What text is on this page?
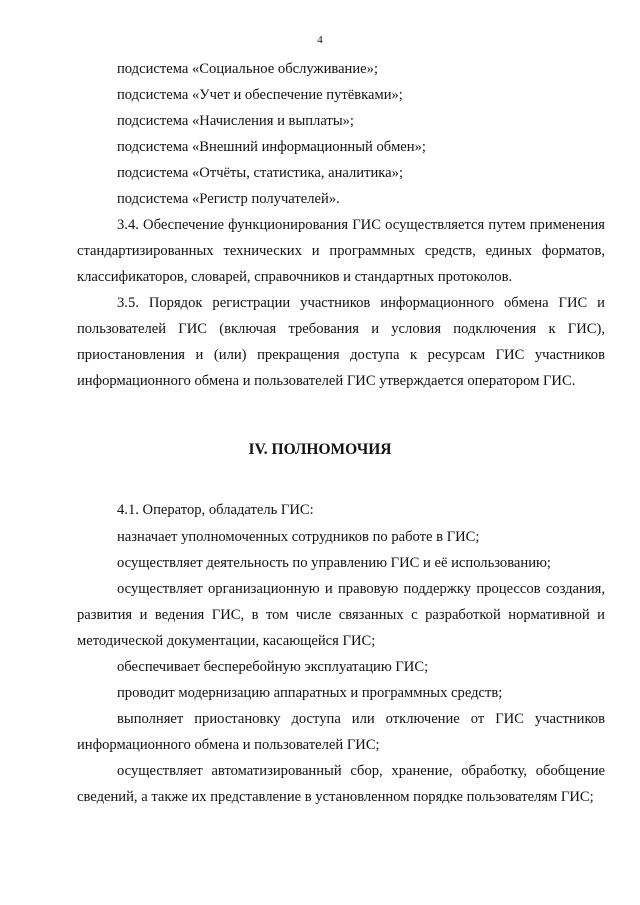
4

подсистема «Социальное обслуживание»;

подсистема «Учет и обеспечение путёвками»;

подсистема «Начисления и выплаты»;

подсистема «Внешний информационный обмен»;

подсистема «Отчёты, статистика, аналитика»;

подсистема «Регистр получателей».

3.4. Обеспечение функционирования ГИС осуществляется путем применения стандартизированных технических и программных средств, единых форматов, классификаторов, словарей, справочников и стандартных протоколов.

3.5. Порядок регистрации участников информационного обмена ГИС и пользователей ГИС (включая требования и условия подключения к ГИС), приостановления и (или) прекращения доступа к ресурсам ГИС участников информационного обмена и пользователей ГИС утверждается оператором ГИС.

IV. ПОЛНОМОЧИЯ
4.1. Оператор, обладатель ГИС:

назначает уполномоченных сотрудников по работе в ГИС;

осуществляет деятельность по управлению ГИС и её использованию;

осуществляет организационную и правовую поддержку процессов создания, развития и ведения ГИС, в том числе связанных с разработкой нормативной и методической документации, касающейся ГИС;

обеспечивает бесперебойную эксплуатацию ГИС;

проводит модернизацию аппаратных и программных средств;

выполняет приостановку доступа или отключение от ГИС участников информационного обмена и пользователей ГИС;

осуществляет автоматизированный сбор, хранение, обработку, обобщение сведений, а также их представление в установленном порядке пользователям ГИС;
